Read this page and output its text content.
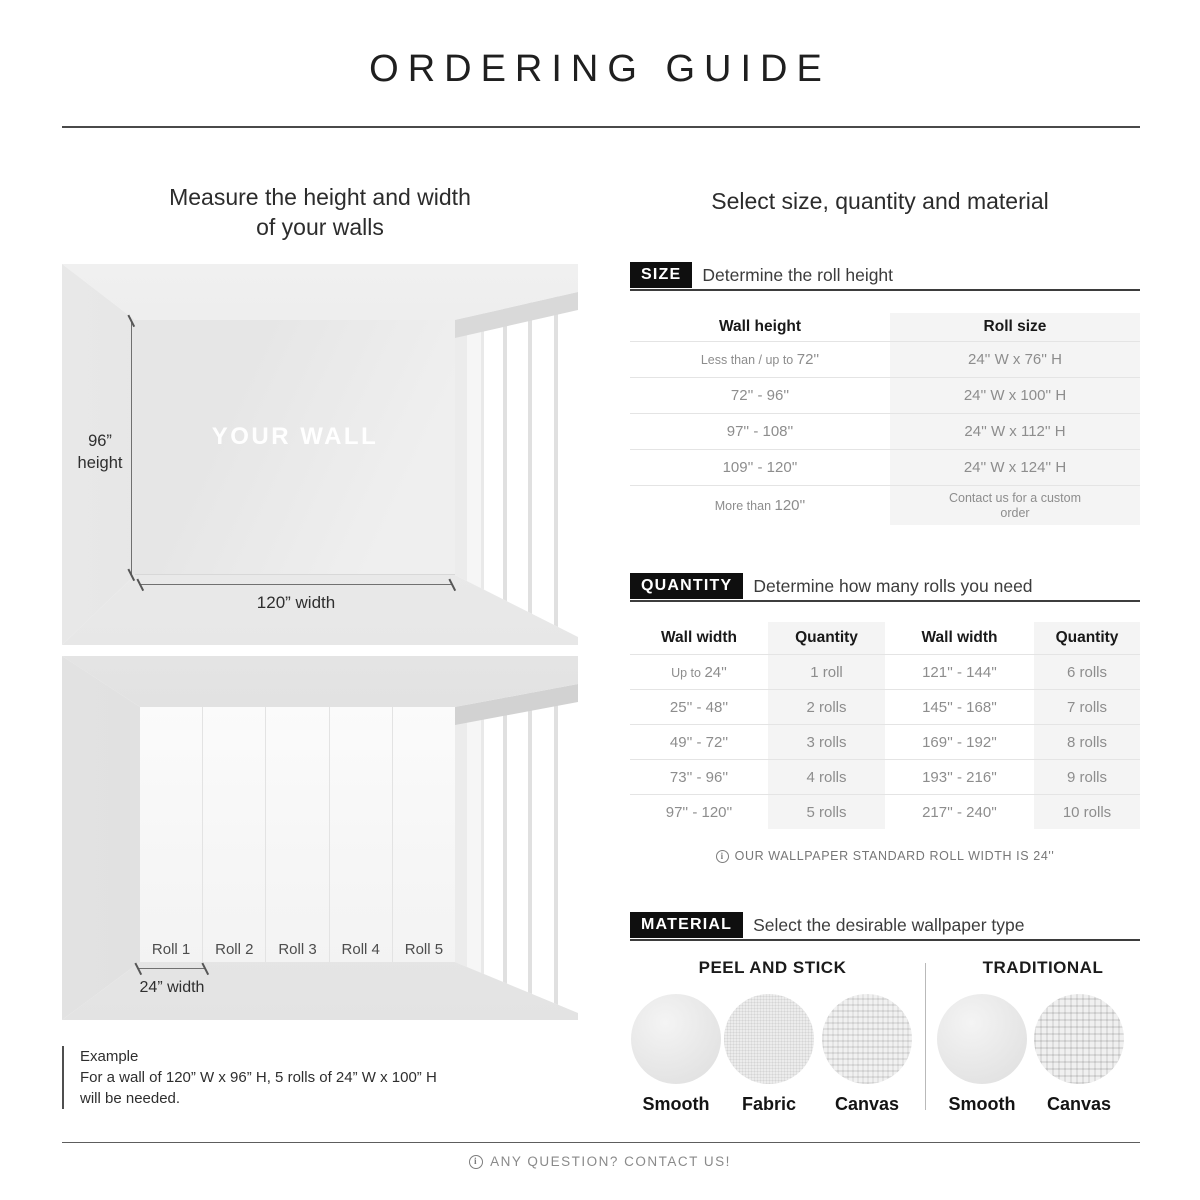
ORDERING GUIDE
Measure the height and width
of your walls
YOUR WALL
96”
height
120” width
Roll 1 Roll 2 Roll 3 Roll 4 Roll 5
24” width
Example
For a wall of 120” W x 96” H, 5 rolls of 24” W x 100” H
will be needed.
Select size, quantity and material
SIZE	Determine the roll height
Wall height	Roll size
Less than / up to 72''	24'' W x 76'' H
72'' - 96''	24'' W x 100'' H
97'' - 108''	24'' W x 112'' H
109'' - 120''	24'' W x 124'' H
More than 120''	Contact us for a custom order
QUANTITY	Determine how many rolls you need
Wall width	Quantity	Wall width	Quantity
Up to 24''	1 roll	121'' - 144''	6 rolls
25'' - 48''	2 rolls	145'' - 168''	7 rolls
49'' - 72''	3 rolls	169'' - 192''	8 rolls
73'' - 96''	4 rolls	193'' - 216''	9 rolls
97'' - 120''	5 rolls	217'' - 240''	10 rolls
i OUR WALLPAPER STANDARD ROLL WIDTH IS 24''
MATERIAL	Select the desirable wallpaper type
PEEL AND STICK	TRADITIONAL
Smooth	Fabric	Canvas	Smooth	Canvas
i ANY QUESTION? CONTACT US!
